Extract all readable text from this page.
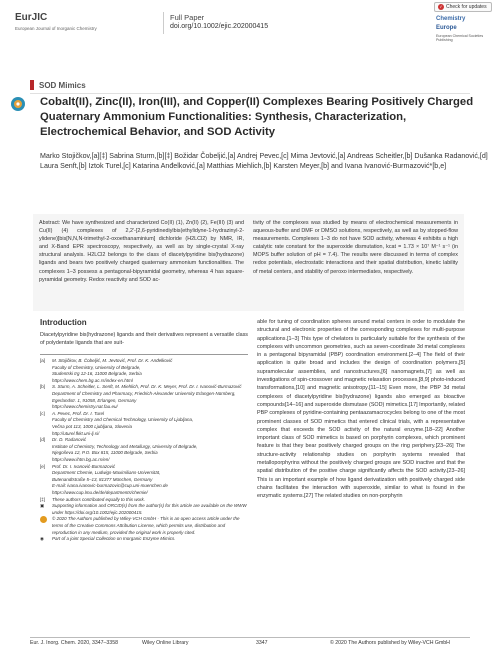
EurJIC
European Journal of Inorganic Chemistry
Full Paper
doi.org/10.1002/ejic.202000415
✓ Check for updates
Chemistry
Europe
European Chemical Societies Publishing
SOD Mimics
Cobalt(II), Zinc(II), Iron(III), and Copper(II) Complexes Bearing Positively Charged Quaternary Ammonium Functionalities: Synthesis, Characterization, Electrochemical Behavior, and SOD Activity
Marko Stojičkov,[a][‡] Sabrina Sturm,[b][‡] Božidar Čobeljić,[a] Andrej Pevec,[c] Mima Jevtović,[a] Andreas Scheitler,[b] Dušanka Radanović,[d] Laura Senft,[b] Iztok Turel,[c] Katarina Anđelković,[a] Matthias Miehlich,[b] Karsten Meyer,[b] and Ivana Ivanović-Burmazović*[b,e]
Abstract: We have synthesized and characterized Co(II) (1), Zn(II) (2), Fe(III) (3) and Cu(II) (4) complexes of 2,2′-[2,6-pyridinediylbis(ethylidyne-1-hydrazinyl-2-ylidene)]bis[N,N,N-trimethyl-2-oxoethanaminium] dichloride (H2LCl2) by NMR, IR, and X-Band EPR spectroscopy, respectively, as well as by single-crystal X-ray structural analysis. H2LCl2 belongs to the class of diacetylpyridine bis(hydrazone) ligands and bears two positively charged quaternary ammonium functionalities. The complexes 1–3 possess a pentagonal-bipyramidal geometry, whereas 4 has square-pyramidal geometry. Redox reactivity and SOD ac-
tivity of the complexes was studied by means of electrochemical measurements in aqueous-buffer and DMF or DMSO solutions, respectively, as well as by stopped-flow measurements. Complexes 1–3 do not have SOD activity, whereas 4 exhibits a high catalytic rate constant for the superoxide dismutation, kcat = 1.73 × 10⁷ M⁻¹ s⁻¹ (in MOPS buffer solution of pH = 7.4). The results were discussed in terms of complex redox potentials, electrostatic interactions and their spatial distribution, kinetic lability of metal centers, and stability of peroxo intermediates, respectively.
Introduction
Diacetylpyridine bis(hydrazone) ligands and their derivatives represent a versatile class of polydentate ligands that are suit-
[a]	M. Stojičkov, B. Čobeljić, M. Jevtović, Prof. Dr. K. Anđelković
Faculty of Chemistry, University of Belgrade,
Studentski trg 12-16, 11000 Belgrade, Serbia
https://www.chem.bg.ac.rs/index-en.html
[b]	S. Sturm, A. Scheitler, L. Senft, M. Miehlich, Prof. Dr. K. Meyer, Prof. Dr. I. Ivanović-Burmazović
Department of Chemistry and Pharmacy, Friedrich-Alexander University Erlangen-Nürnberg,
Egerlandstr. 1, 91058, Erlangen, Germany
https://www.chemistry.nat.fau.eu/
[c]	A. Pevec, Prof. Dr. I. Turel
Faculty of Chemistry and Chemical Technology, University of Ljubljana,
Večna pot 113, 1000 Ljubljana, Slovenia
http://uturel.fkkt.uni-lj.si/
[d]	Dr. D. Radanović
Institute of Chemistry, Technology and Metallurgy, University of Belgrade,
Njegoševa 12, P.O. Box 815, 11000 Belgrade, Serbia
https://www.ihtm.bg.ac.rs/en/
[e]	Prof. Dr. I. Ivanović-Burmazović
Department Chemie, Ludwigs-Maximilians-Universität,
Butenandtstraße 5–13, 81377 München, Germany
E-mail: ivana.ivanovic-burmazovic@cup.uni-muenchen.de
https://www.cup.lmu.de/de/departments/chemie/
[‡]	These authors contributed equally to this work.
▣	Supporting information and ORCID(s) from the author(s) for this article are available on the WWW under https://doi.org/10.1002/ejic.202000415.
© 2020 The Authors published by Wiley-VCH GmbH · This is an open access article under the terms of the Creative Commons Attribution License, which permits use, distribution and reproduction in any medium, provided the original work is properly cited.
◉	Part of a joint Special Collection on Inorganic Enzyme Mimics.
able for tuning of coordination spheres around metal centers in order to modulate the structural and electronic properties of the corresponding complexes for multi-purpose applications.[1–3] This type of chelators is particularly suitable for the synthesis of the complexes with uncommon geometries, such as seven-coordinate 3d metal complexes in a pentagonal bipyramidal (PBP) coordination environment.[2–4] The field of their application is quite broad and includes the design of coordination polymers,[5] supramolecular assemblies, and nanostructures,[6] nanomagnets,[7] as well as investigations of spin-crossover and magnetic relaxation processes,[8,9] photo-induced transformations,[10] and magnetic anisotropy.[11–15] Even more, the PBP 3d metal complexes of diacetylpyridine bis(hydrazone) ligands also emerged as bioactive compounds[14–16] and superoxide dismutase (SOD) mimetics.[17] Importantly, related PBP complexes of pyridine-containing pentaazamacrocycles belong to one of the most prominent classes of SOD mimetics that entered clinical trials, with a representative complex that exceeds the SOD activity of the natural enzyme.[18–22] Another important class of SOD mimetics is based on porphyrin complexes, which prominent feature is that they bear positively charged groups on the ring periphery.[23–26] The structure-activity relationship studies on porphyrin systems revealed that metalloporphyrins without the positively charged groups are SOD inactive and that the spatial distribution of the positive charge significantly affects the SOD activity.[23–26] This is an important example of how ligand derivatization with positively charged side chains facilitates the interaction with superoxide, similar to what is found in the enzymatic systems.[27] The related studies on non-porphyrin
Eur. J. Inorg. Chem. 2020, 3347–3358	Wiley Online Library	3347	© 2020 The Authors published by Wiley-VCH GmbH
